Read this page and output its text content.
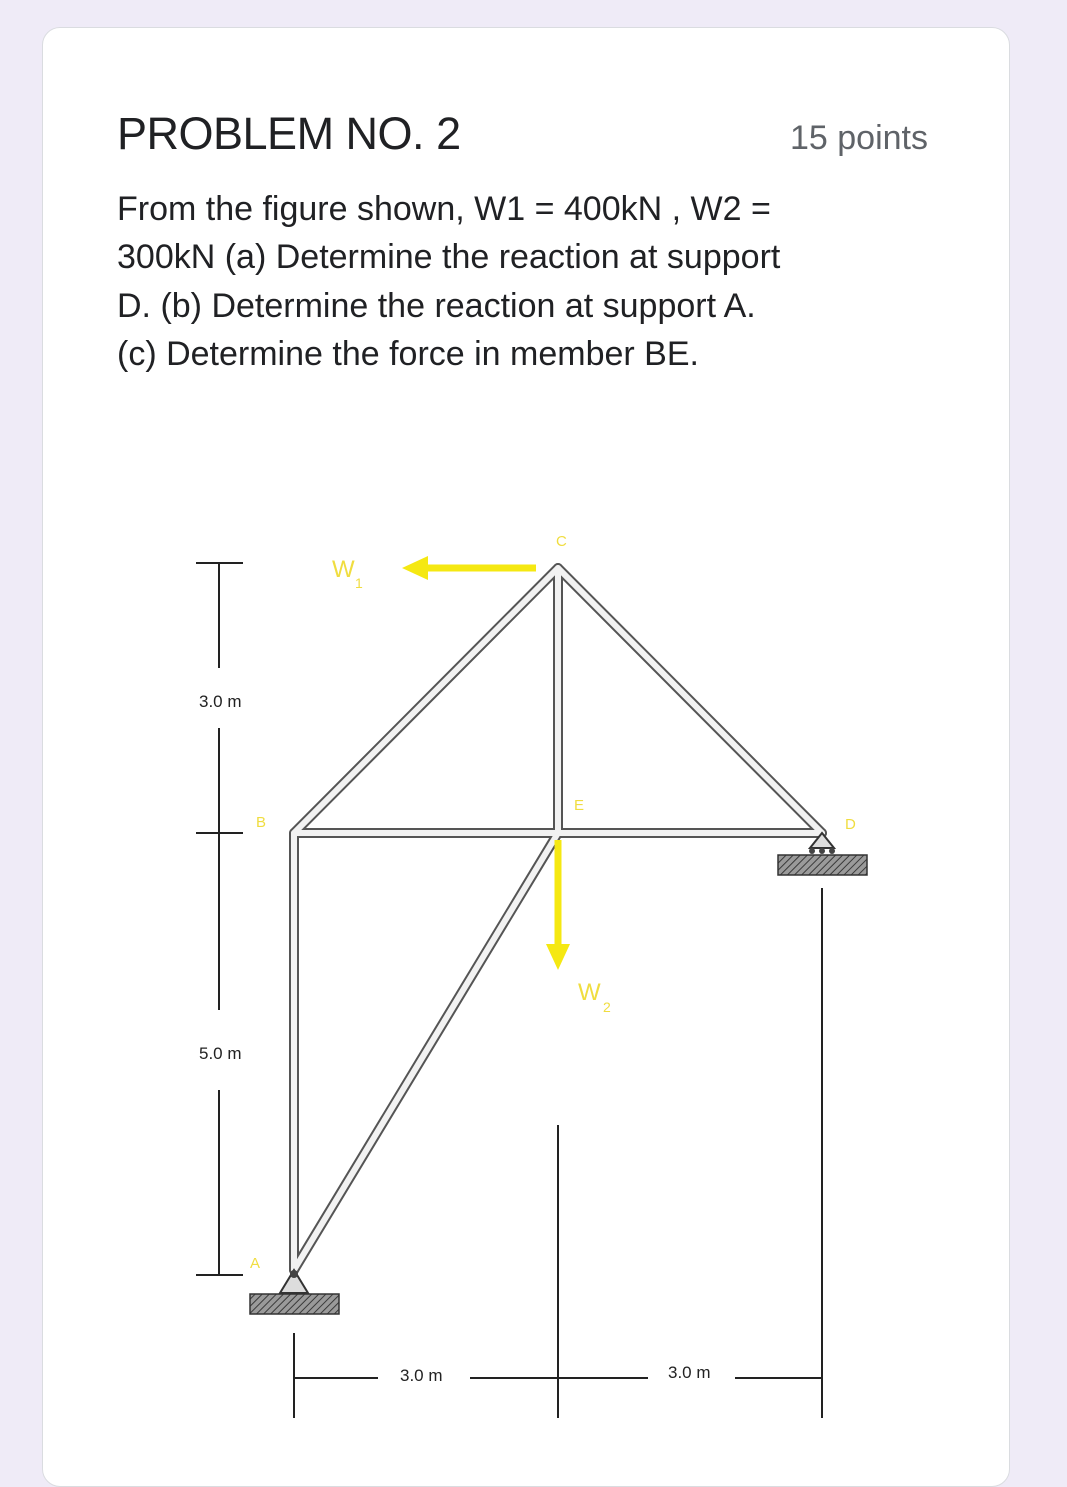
PROBLEM NO. 2	15 points
From the figure shown, W1 = 400kN , W2 = 300kN (a) Determine the reaction at support D. (b) Determine the reaction at support A. (c) Determine the force in member BE.
3.0 m
5.0 m
3.0 m	3.0 m
W 1
W
2
C
E
B	D
A
